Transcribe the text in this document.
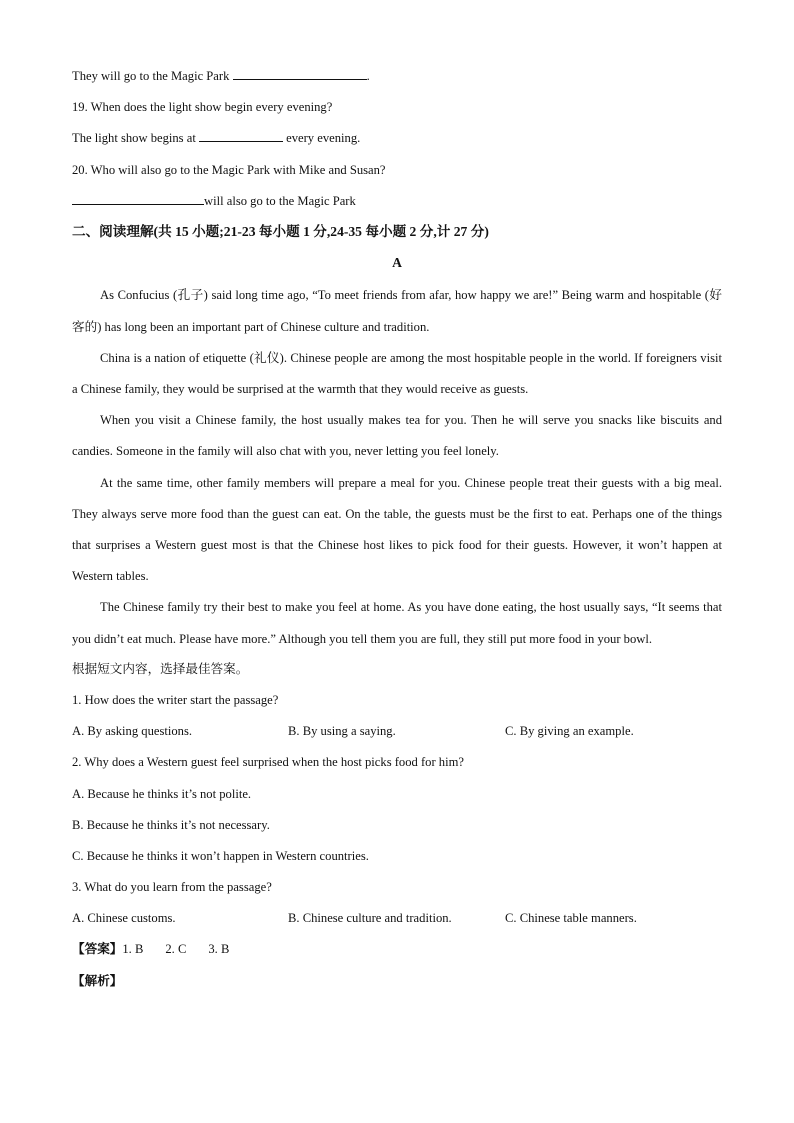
They will go to the Magic Park	.
19. When does the light show begin every evening?
The light show begins at	every evening.
20. Who will also go to the Magic Park with Mike and Susan?
will also go to the Magic Park
二、阅读理解(共 15 小题;21-23 每小题 1 分,24-35 每小题 2 分,计 27 分)
A

As Confucius (孔子) said long time ago, “To meet friends from afar, how happy we are!” Being warm and hospitable (好客的) has long been an important part of Chinese culture and tradition.

China is a nation of etiquette (礼仪). Chinese people are among the most hospitable people in the world. If foreigners visit a Chinese family, they would be surprised at the warmth that they would receive as guests.

When you visit a Chinese family, the host usually makes tea for you. Then he will serve you snacks like biscuits and candies. Someone in the family will also chat with you, never letting you feel lonely.

At the same time, other family members will prepare a meal for you. Chinese people treat their guests with a big meal. They always serve more food than the guest can eat. On the table, the guests must be the first to eat. Perhaps one of the things that surprises a Western guest most is that the Chinese host likes to pick food for their guests. However, it won’t happen at Western tables.

The Chinese family try their best to make you feel at home. As you have done eating, the host usually says, “It seems that you didn’t eat much. Please have more.” Although you tell them you are full, they still put more food in your bowl.

根据短文内容，选择最佳答案。
1. How does the writer start the passage?
A. By asking questions.	B. By using a saying.	C. By giving an example.
2. Why does a Western guest feel surprised when the host picks food for him?
A. Because he thinks it’s not polite.
B. Because he thinks it’s not necessary.
C. Because he thinks it won’t happen in Western countries.
3. What do you learn from the passage?
A. Chinese customs.	B. Chinese culture and tradition.	C. Chinese table manners.
【答案】1. B 2. C 3. B
【解析】
